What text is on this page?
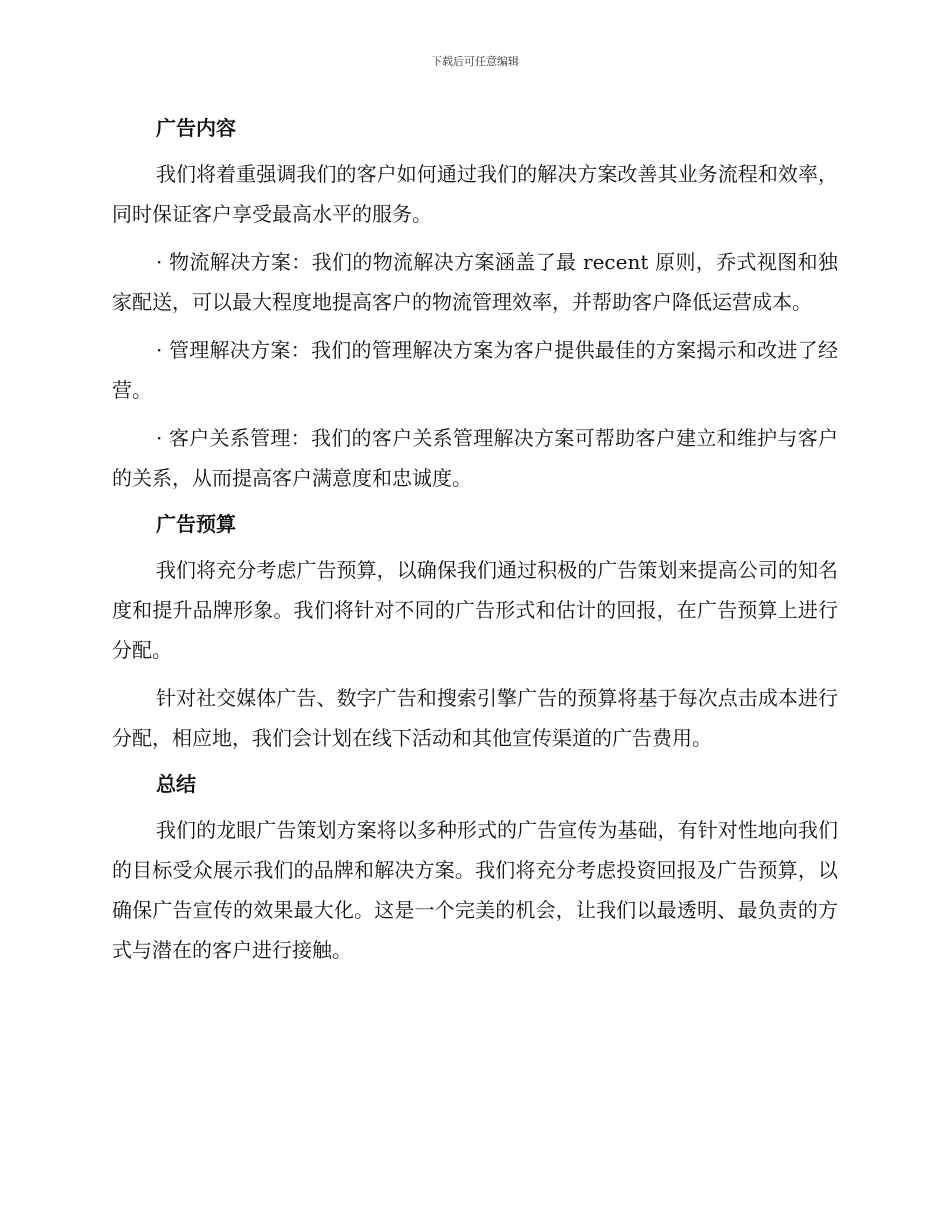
下载后可任意编辑
广告内容

我们将着重强调我们的客户如何通过我们的解决方案改善其业务流程和效率，同时保证客户享受最高水平的服务。

· 物流解决方案：我们的物流解决方案涵盖了最 recent 原则，乔式视图和独家配送，可以最大程度地提高客户的物流管理效率，并帮助客户降低运营成本。

· 管理解决方案：我们的管理解决方案为客户提供最佳的方案揭示和改进了经营。

· 客户关系管理：我们的客户关系管理解决方案可帮助客户建立和维护与客户的关系，从而提高客户满意度和忠诚度。

广告预算

我们将充分考虑广告预算，以确保我们通过积极的广告策划来提高公司的知名度和提升品牌形象。我们将针对不同的广告形式和估计的回报，在广告预算上进行分配。

针对社交媒体广告、数字广告和搜索引擎广告的预算将基于每次点击成本进行分配，相应地，我们会计划在线下活动和其他宣传渠道的广告费用。

总结

我们的龙眼广告策划方案将以多种形式的广告宣传为基础，有针对性地向我们的目标受众展示我们的品牌和解决方案。我们将充分考虑投资回报及广告预算，以确保广告宣传的效果最大化。这是一个完美的机会，让我们以最透明、最负责的方式与潜在的客户进行接触。
